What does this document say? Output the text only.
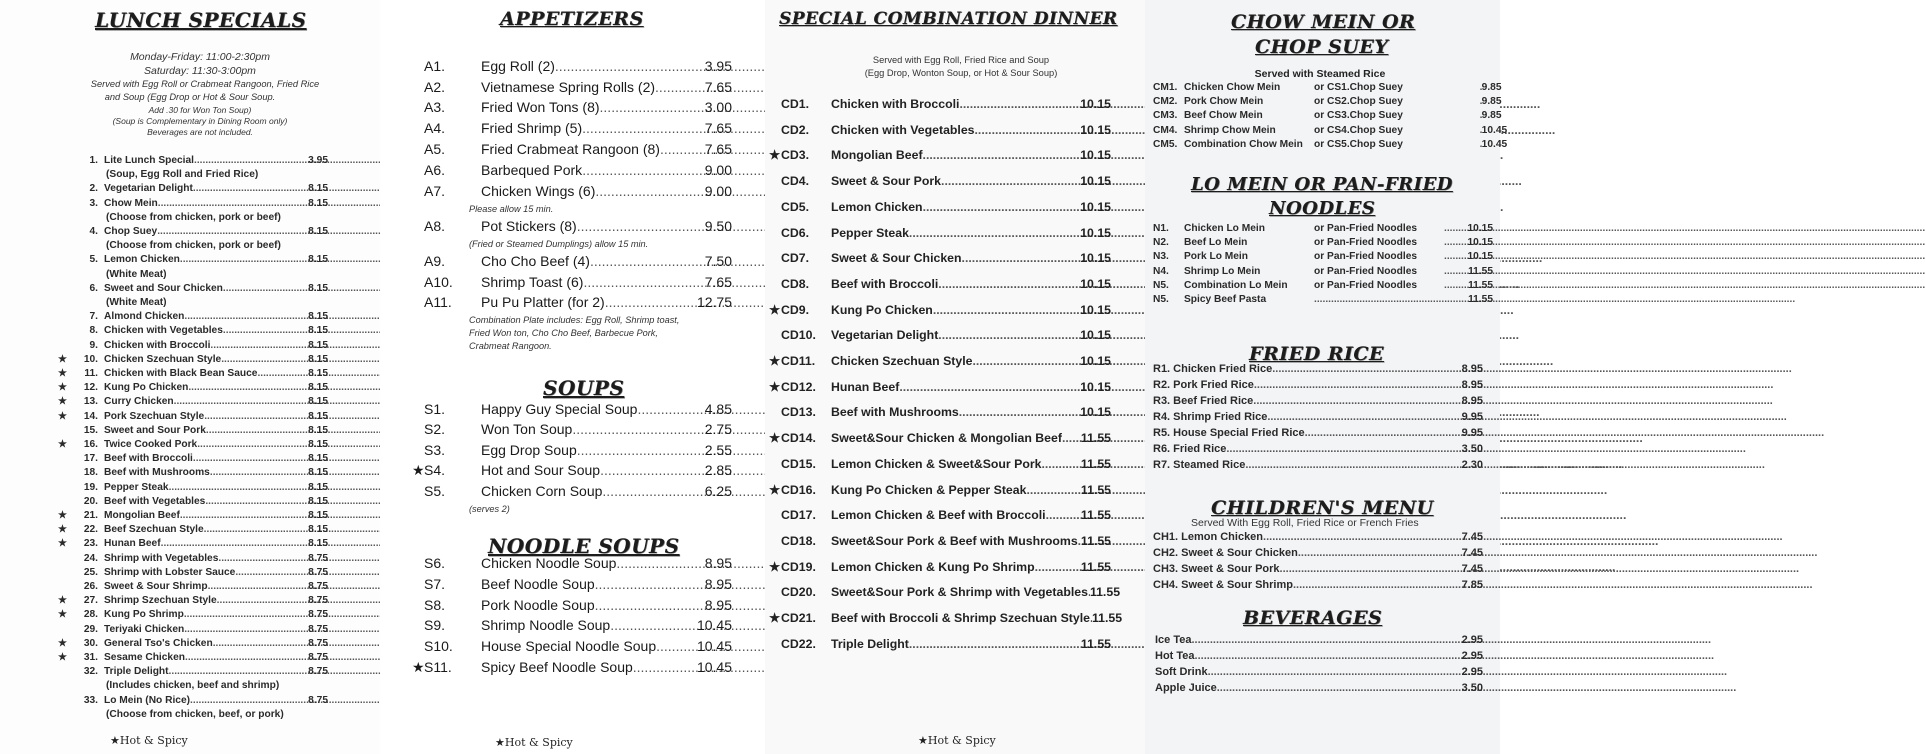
LUNCH SPECIALS
Monday-Friday: 11:00-2:30pm
Saturday: 11:30-3:00pm
Served with Egg Roll or Crabmeat Rangoon, Fried Rice
and Soup (Egg Drop or Hot & Sour Soup.
Add .30 for Won Ton Soup)
(Soup is Complementary in Dining Room only)
Beverages are not included.
1. Lite Lunch Special .....	3.95
(Soup, Egg Roll and Fried Rice)
2. Vegetarian Delight .....	8.15
3. Chow Mein .....	8.15
(Choose from chicken, pork or beef)
4. Chop Suey .....	8.15
(Choose from chicken, pork or beef)
5. Lemon Chicken .....	8.15
(White Meat)
6. Sweet and Sour Chicken .....	8.15
(White Meat)
7. Almond Chicken .....	8.15
8. Chicken with Vegetables .....	8.15
9. Chicken with Broccoli .....	8.15
★	10. Chicken Szechuan Style .....	8.15
★	11. Chicken with Black Bean Sauce .....	8.15
★	12. Kung Po Chicken .....	8.15
★	13. Curry Chicken .....	8.15
★	14. Pork Szechuan Style .....	8.15
15. Sweet and Sour Pork .....	8.15
★	16. Twice Cooked Pork .....	8.15
17. Beef with Broccoli .....	8.15
18. Beef with Mushrooms .....	8.15
19. Pepper Steak .....	8.15
20. Beef with Vegetables .....	8.15
★	21. Mongolian Beef .....	8.15
★	22. Beef Szechuan Style .....	8.15
★	23. Hunan Beef .....	8.15
24. Shrimp with Vegetables .....	8.75
25. Shrimp with Lobster Sauce .....	8.75
26. Sweet & Sour Shrimp .....	8.75
★	27. Shrimp Szechuan Style .....	8.75
★	28. Kung Po Shrimp .....	8.75
29. Teriyaki Chicken .....	8.75
★	30. General Tso's Chicken .....	8.75
★	31. Sesame Chicken .....	8.75
32. Triple Delight .....	8.75
(Includes chicken, beef and shrimp)
33. Lo Mein (No Rice) .....	8.75
(Choose from chicken, beef, or pork)
★Hot & Spicy
APPETIZERS
A1.	Egg Roll (2) .....	3.95
A2.	Vietnamese Spring Rolls (2) .....	7.65
A3.	Fried Won Tons (8) .....	3.00
A4.	Fried Shrimp (5) .....	7.65
A5.	Fried Crabmeat Rangoon (8) .....	7.65
A6.	Barbequed Pork .....	9.00
A7.	Chicken Wings (6) .....	9.00
Please allow 15 min.
A8.	Pot Stickers (8) .....	9.50
(Fried or Steamed Dumplings) allow 15 min.
A9.	Cho Cho Beef (4) .....	7.50
A10.	Shrimp Toast (6) .....	7.65
A11.	Pu Pu Platter (for 2) .....	12.75
Combination Plate includes: Egg Roll, Shrimp toast,
Fried Won ton, Cho Cho Beef, Barbecue Pork,
Crabmeat Rangoon.
SOUPS
S1.	Happy Guy Special Soup .....	4.85
S2.	Won Ton Soup .....	2.75
S3.	Egg Drop Soup .....	2.55
★ S4.	Hot and Sour Soup .....	2.85
S5.	Chicken Corn Soup .....	6.25
(serves 2)
NOODLE SOUPS
S6.	Chicken Noodle Soup .....	8.95
S7.	Beef Noodle Soup .....	8.95
S8.	Pork Noodle Soup .....	8.95
S9.	Shrimp Noodle Soup .....	10.45
S10.	House Special Noodle Soup .....	10.45
★ S11.	Spicy Beef Noodle Soup .....	10.45
★Hot & Spicy
SPECIAL COMBINATION DINNER
Served with Egg Roll, Fried Rice and Soup
(Egg Drop, Wonton Soup, or Hot & Sour Soup)
CD1.	Chicken with Broccoli .....	10.15
CD2.	Chicken with Vegetables .....	10.15
★ CD3.	Mongolian Beef .....	10.15
CD4.	Sweet & Sour Pork .....	10.15
CD5.	Lemon Chicken .....	10.15
CD6.	Pepper Steak .....	10.15
CD7.	Sweet & Sour Chicken .....	10.15
CD8.	Beef with Broccoli .....	10.15
★ CD9.	Kung Po Chicken .....	10.15
CD10.	Vegetarian Delight .....	10.15
★ CD11.	Chicken Szechuan Style .....	10.15
★ CD12.	Hunan Beef .....	10.15
CD13.	Beef with Mushrooms .....	10.15
★ CD14.	Sweet&Sour Chicken & Mongolian Beef ..... 11.55
CD15.	Lemon Chicken & Sweet&Sour Pork .....	11.55
★ CD16.	Kung Po Chicken & Pepper Steak .....	11.55
CD17.	Lemon Chicken & Beef with Broccoli .....	11.55
CD18.	Sweet&Sour Pork & Beef with Mushrooms ..... 11.55
★ CD19.	Lemon Chicken & Kung Po Shrimp .....	11.55
CD20.	Sweet&Sour Pork & Shrimp with Vegetables ..... 11.55
★ CD21.	Beef with Broccoli & Shrimp Szechuan Style ..... 11.55
CD22.	Triple Delight .....	11.55
★Hot & Spicy
CHOW MEIN OR
CHOP SUEY
Served with Steamed Rice
CM1. Chicken Chow Mein	or CS1. Chop Suey .....	9.85
CM2. Pork Chow Mein	or CS2. Chop Suey .....	9.85
CM3. Beef Chow Mein	or CS3. Chop Suey .....	9.85
CM4. Shrimp Chow Mein	or CS4. Chop Suey .....	10.45
CM5. Combination Chow Mein	or CS5. Chop Suey .....	10.45
LO MEIN OR PAN-FRIED
NOODLES
N1.	Chicken Lo Mein	or Pan-Fried Noodles .....	10.15
N2.	Beef Lo Mein	or Pan-Fried Noodles .....	10.15
N3.	Pork Lo Mein	or Pan-Fried Noodles .....	10.15
N4.	Shrimp Lo Mein	or Pan-Fried Noodles .....	11.55
N5.	Combination Lo Mein	or Pan-Fried Noodles .....	11.55
N5.	Spicy Beef Pasta .....	11.55
FRIED RICE
R1. Chicken Fried Rice .....	8.95
R2. Pork Fried Rice .....	8.95
R3. Beef Fried Rice .....	8.95
R4. Shrimp Fried Rice .....	9.95
R5. House Special Fried Rice .....	9.95
R6. Fried Rice .....	3.50
R7. Steamed Rice .....	2.30
CHILDREN'S MENU
Served With Egg Roll, Fried Rice or French Fries
CH1. Lemon Chicken .....	7.45
CH2. Sweet & Sour Chicken .....	7.45
CH3. Sweet & Sour Pork .....	7.45
CH4. Sweet & Sour Shrimp .....	7.85
BEVERAGES
Ice Tea .....	2.95
Hot Tea .....	2.95
Soft Drink .....	2.95
Apple Juice .....	3.50
